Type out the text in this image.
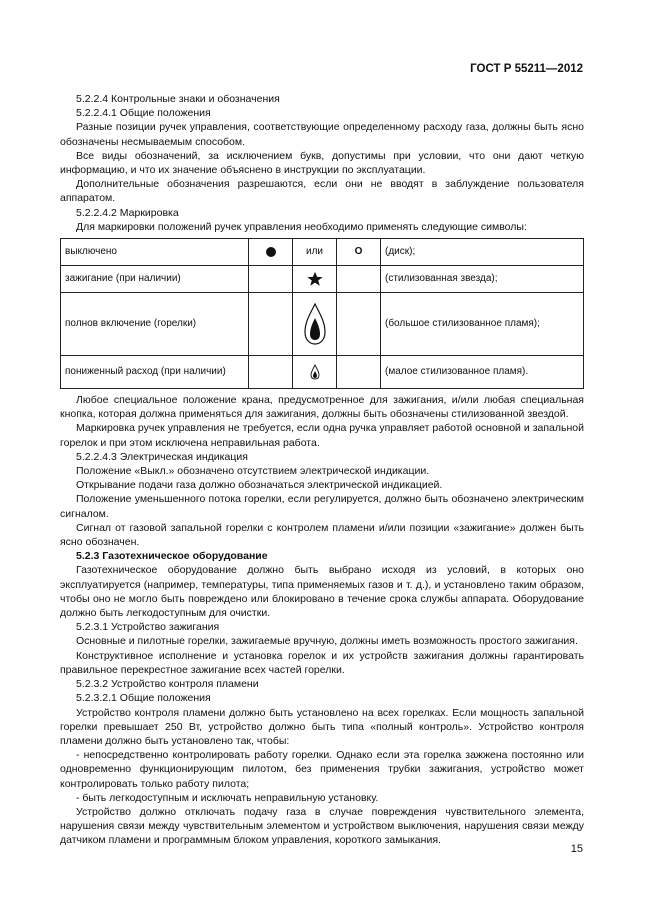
ГОСТ Р 55211—2012

5.2.2.4 Контрольные знаки и обозначения

5.2.2.4.1 Общие положения

Разные позиции ручек управления, соответствующие определенному расходу газа, должны быть ясно обозначены несмываемым способом.

Все виды обозначений, за исключением букв, допустимы при условии, что они дают четкую информацию, и что их значение объяснено в инструкции по эксплуатации.

Дополнительные обозначения разрешаются, если они не вводят в заблуждение пользователя аппаратом.

5.2.2.4.2 Маркировка

Для маркировки положений ручек управления необходимо применять следующие символы:

выключено		или	О	(диск);
зажигание (при наличии)				(стилизованная звезда);
полнов включение (горелки)				(большое стилизованное пламя);
пониженный расход (при наличии)				(малое стилизованное пламя).

Любое специальное положение крана, предусмотренное для зажигания, и/или любая специальная кнопка, которая должна применяться для зажигания, должны быть обозначены стилизованной звездой.

Маркировка ручек управления не требуется, если одна ручка управляет работой основной и запальной горелок и при этом исключена неправильная работа.

5.2.2.4.3 Электрическая индикация

Положение «Выкл.» обозначено отсутствием электрической индикации.

Открывание подачи газа должно обозначаться электрической индикацией.

Положение уменьшенного потока горелки, если регулируется, должно быть обозначено электрическим сигналом.

Сигнал от газовой запальной горелки с контролем пламени и/или позиции «зажигание» должен быть ясно обозначен.

5.2.3 Газотехническое оборудование

Газотехническое оборудование должно быть выбрано исходя из условий, в которых оно эксплуатируется (например, температуры, типа применяемых газов и т. д.), и установлено таким образом, чтобы оно не могло быть повреждено или блокировано в течение срока службы аппарата. Оборудование должно быть легкодоступным для очистки.

5.2.3.1 Устройство зажигания

Основные и пилотные горелки, зажигаемые вручную, должны иметь возможность простого зажигания.

Конструктивное исполнение и установка горелок и их устройств зажигания должны гарантировать правильное перекрестное зажигание всех частей горелки.

5.2.3.2 Устройство контроля пламени

5.2.3.2.1 Общие положения

Устройство контроля пламени должно быть установлено на всех горелках. Если мощность запальной горелки превышает 250 Вт, устройство должно быть типа «полный контроль». Устройство контроля пламени должно быть установлено так, чтобы:

- непосредственно контролировать работу горелки. Однако если эта горелка зажжена постоянно или одновременно функционирующим пилотом, без применения трубки зажигания, устройство может контролировать только работу пилота;

- быть легкодоступным и исключать неправильную установку.

Устройство должно отключать подачу газа в случае повреждения чувствительного элемента, нарушения связи между чувствительным элементом и устройством выключения, нарушения связи между датчиком пламени и программным блоком управления, короткого замыкания.

15
